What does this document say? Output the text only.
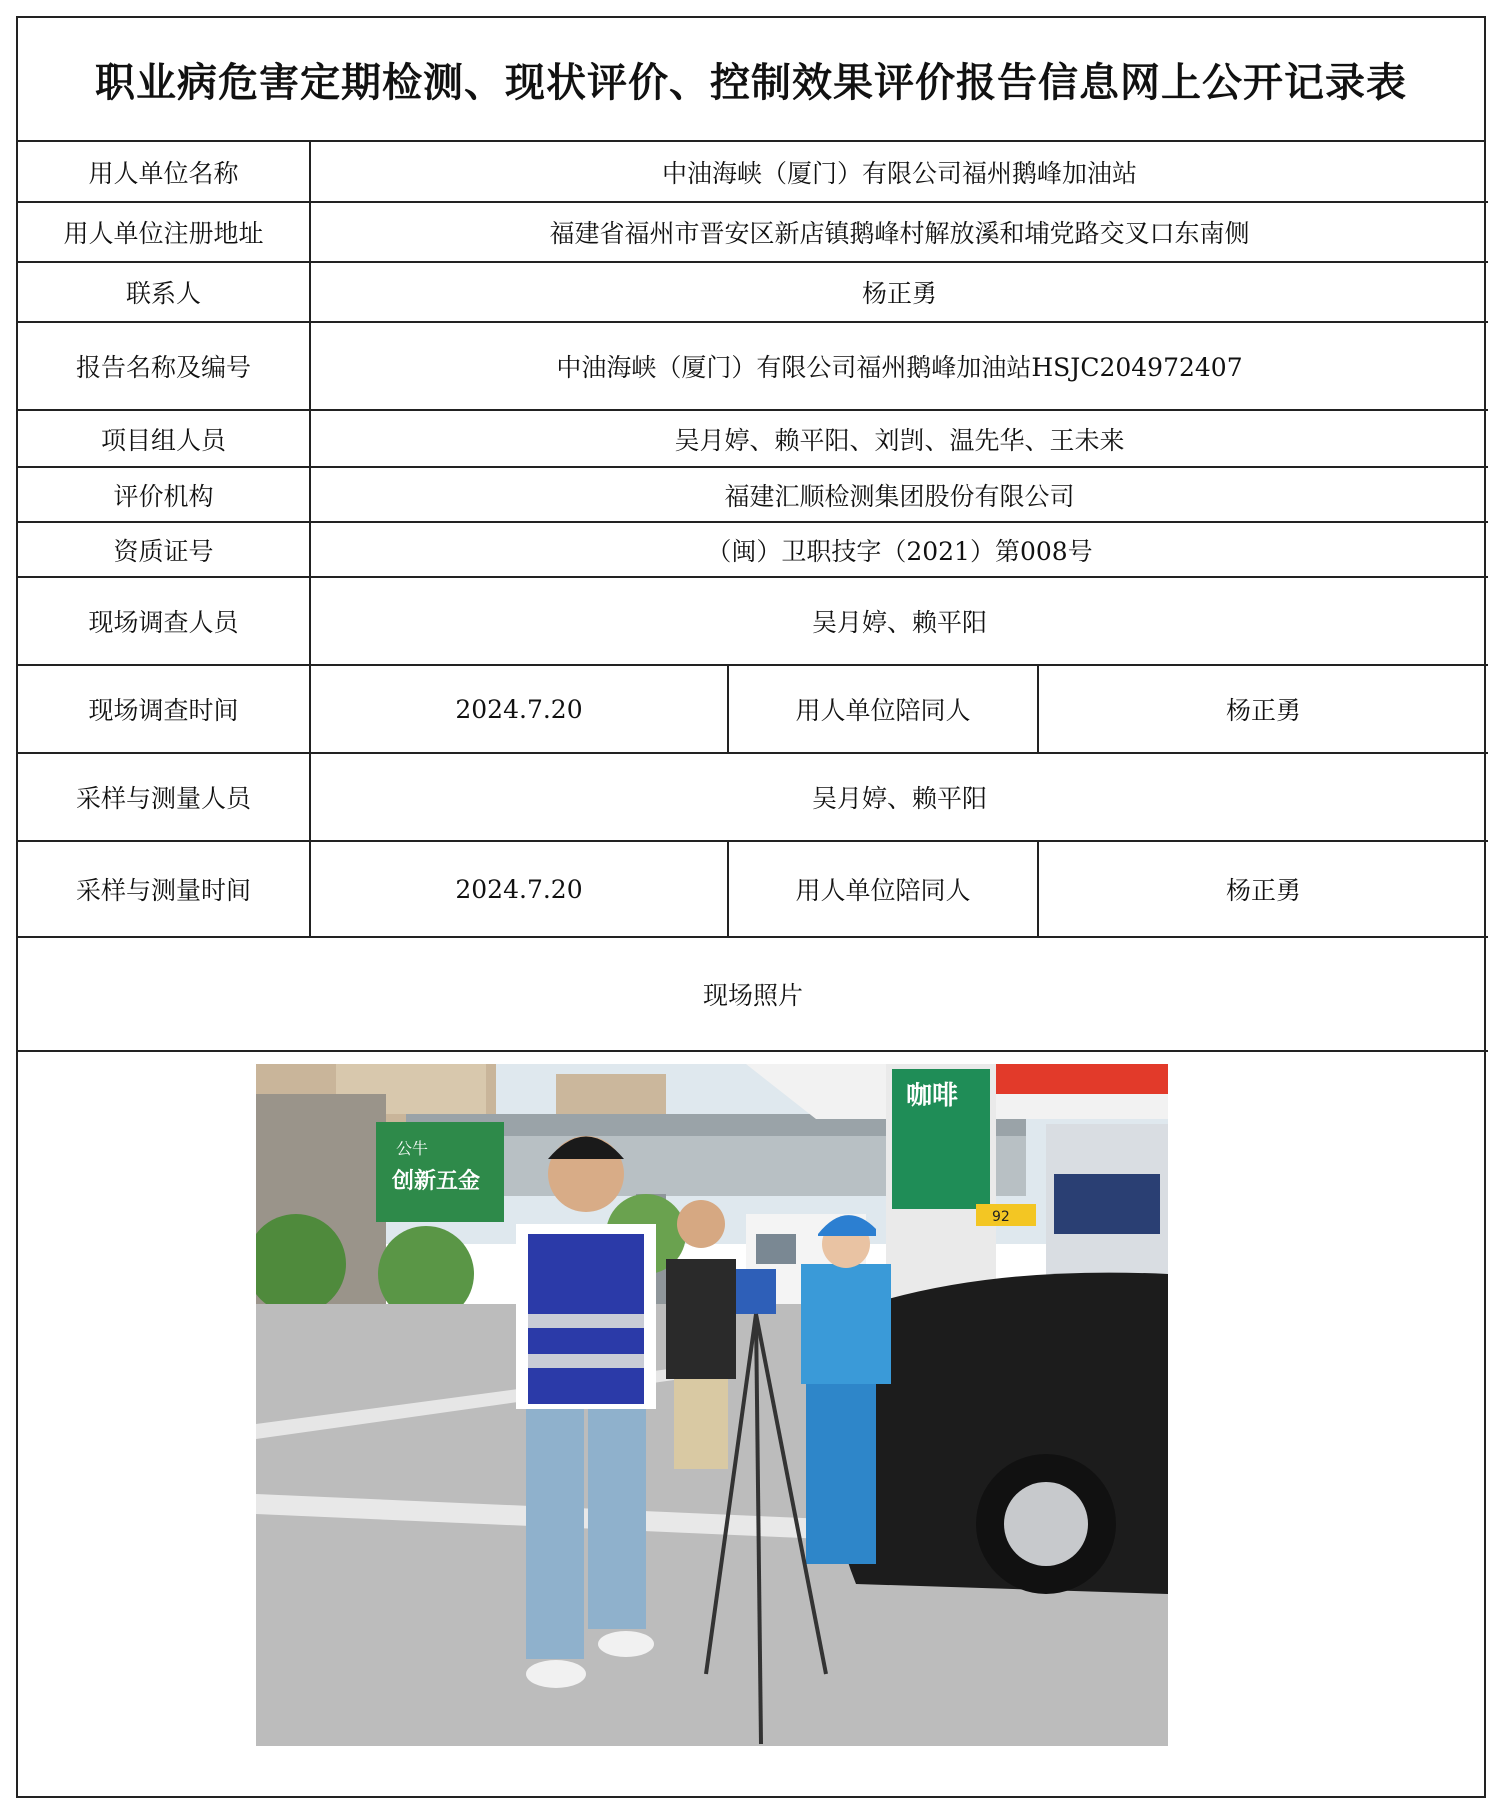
职业病危害定期检测、现状评价、控制效果评价报告信息网上公开记录表
用人单位名称	中油海峡（厦门）有限公司福州鹅峰加油站		
用人单位注册地址	福建省福州市晋安区新店镇鹅峰村解放溪和埔党路交叉口东南侧		
联系人	杨正勇		
报告名称及编号	中油海峡（厦门）有限公司福州鹅峰加油站HSJC204972407		
项目组人员	吴月婷、赖平阳、刘剀、温先华、王未来		
评价机构	福建汇顺检测集团股份有限公司		
资质证号	（闽）卫职技字（2021）第008号		
现场调查人员	吴月婷、赖平阳		
现场调查时间	2024.7.20	用人单位陪同人	杨正勇
采样与测量人员	吴月婷、赖平阳		
采样与测量时间	2024.7.20	用人单位陪同人	杨正勇
现场照片			
公牛
创新五金
咖啡
92
